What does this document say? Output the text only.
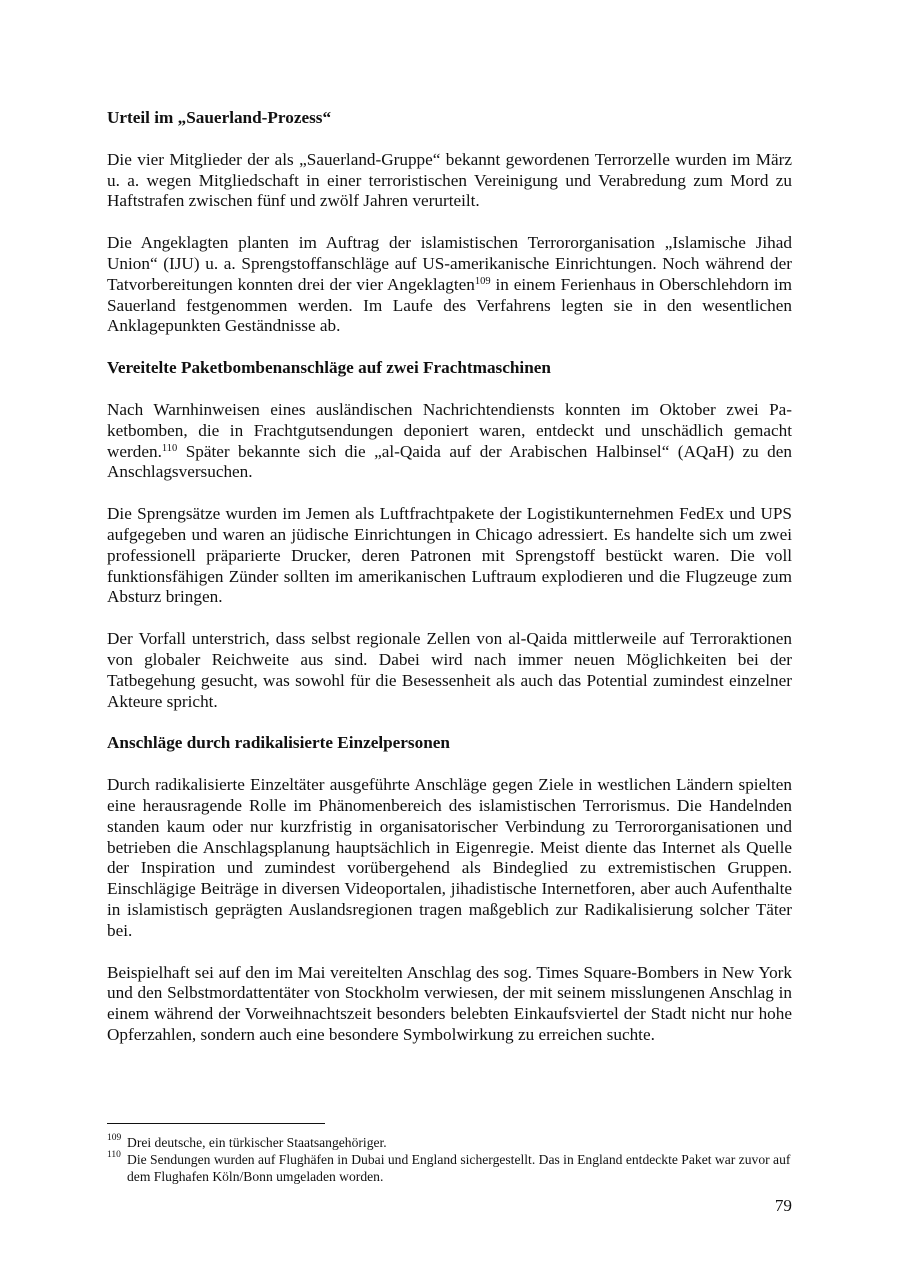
Urteil im „Sauerland-Prozess“
Die vier Mitglieder der als „Sauerland-Gruppe“ bekannt gewordenen Terrorzelle wurden im März u. a. wegen Mitgliedschaft in einer terroristischen Vereinigung und Verabredung zum Mord zu Haftstrafen zwischen fünf und zwölf Jahren verurteilt.
Die Angeklagten planten im Auftrag der islamistischen Terrororganisation „Islamische Jihad Union“ (IJU) u. a. Sprengstoffanschläge auf US-amerikanische Einrichtungen. Noch während der Tatvorbereitungen konnten drei der vier Angeklagten$^{109}$ in einem Ferienhaus in Oberschlehdorn im Sauerland festgenommen werden. Im Laufe des Verfahrens legten sie in den wesentlichen Anklagepunkten Geständnisse ab.
Vereitelte Paketbombenanschläge auf zwei Frachtmaschinen
Nach Warnhinweisen eines ausländischen Nachrichtendiensts konnten im Oktober zwei Paketbomben, die in Frachtgutsendungen deponiert waren, entdeckt und unschädlich gemacht werden.$^{110}$ Später bekannte sich die „al-Qaida auf der Arabischen Halbinsel“ (AQaH) zu den Anschlagsversuchen.
Die Sprengsätze wurden im Jemen als Luftfrachtpakete der Logistikunternehmen FedEx und UPS aufgegeben und waren an jüdische Einrichtungen in Chicago adressiert. Es handelte sich um zwei professionell präparierte Drucker, deren Patronen mit Sprengstoff bestückt waren. Die voll funktionsfähigen Zünder sollten im amerikanischen Luftraum explodieren und die Flugzeuge zum Absturz bringen.
Der Vorfall unterstrich, dass selbst regionale Zellen von al-Qaida mittlerweile auf Terroraktionen von globaler Reichweite aus sind. Dabei wird nach immer neuen Möglichkeiten bei der Tatbegehung gesucht, was sowohl für die Besessenheit als auch das Potential zumindest einzelner Akteure spricht.
Anschläge durch radikalisierte Einzelpersonen
Durch radikalisierte Einzeltäter ausgeführte Anschläge gegen Ziele in westlichen Ländern spielten eine herausragende Rolle im Phänomenbereich des islamistischen Terrorismus. Die Handelnden standen kaum oder nur kurzfristig in organisatorischer Verbindung zu Terrororganisationen und betrieben die Anschlagsplanung hauptsächlich in Eigenregie. Meist diente das Internet als Quelle der Inspiration und zumindest vorübergehend als Bindeglied zu extremistischen Gruppen. Einschlägige Beiträge in diversen Videoportalen, jihadistische Internetforen, aber auch Aufenthalte in islamistisch geprägten Auslandsregionen tragen maßgeblich zur Radikalisierung solcher Täter bei.
Beispielhaft sei auf den im Mai vereitelten Anschlag des sog. Times Square-Bombers in New York und den Selbstmordattentäter von Stockholm verwiesen, der mit seinem misslungenen Anschlag in einem während der Vorweihnachtszeit besonders belebten Einkaufsviertel der Stadt nicht nur hohe Opferzahlen, sondern auch eine besondere Symbolwirkung zu erreichen suchte.
109 Drei deutsche, ein türkischer Staatsangehöriger.
110 Die Sendungen wurden auf Flughäfen in Dubai und England sichergestellt. Das in England entdeckte Paket war zuvor auf dem Flughafen Köln/Bonn umgeladen worden.
79
